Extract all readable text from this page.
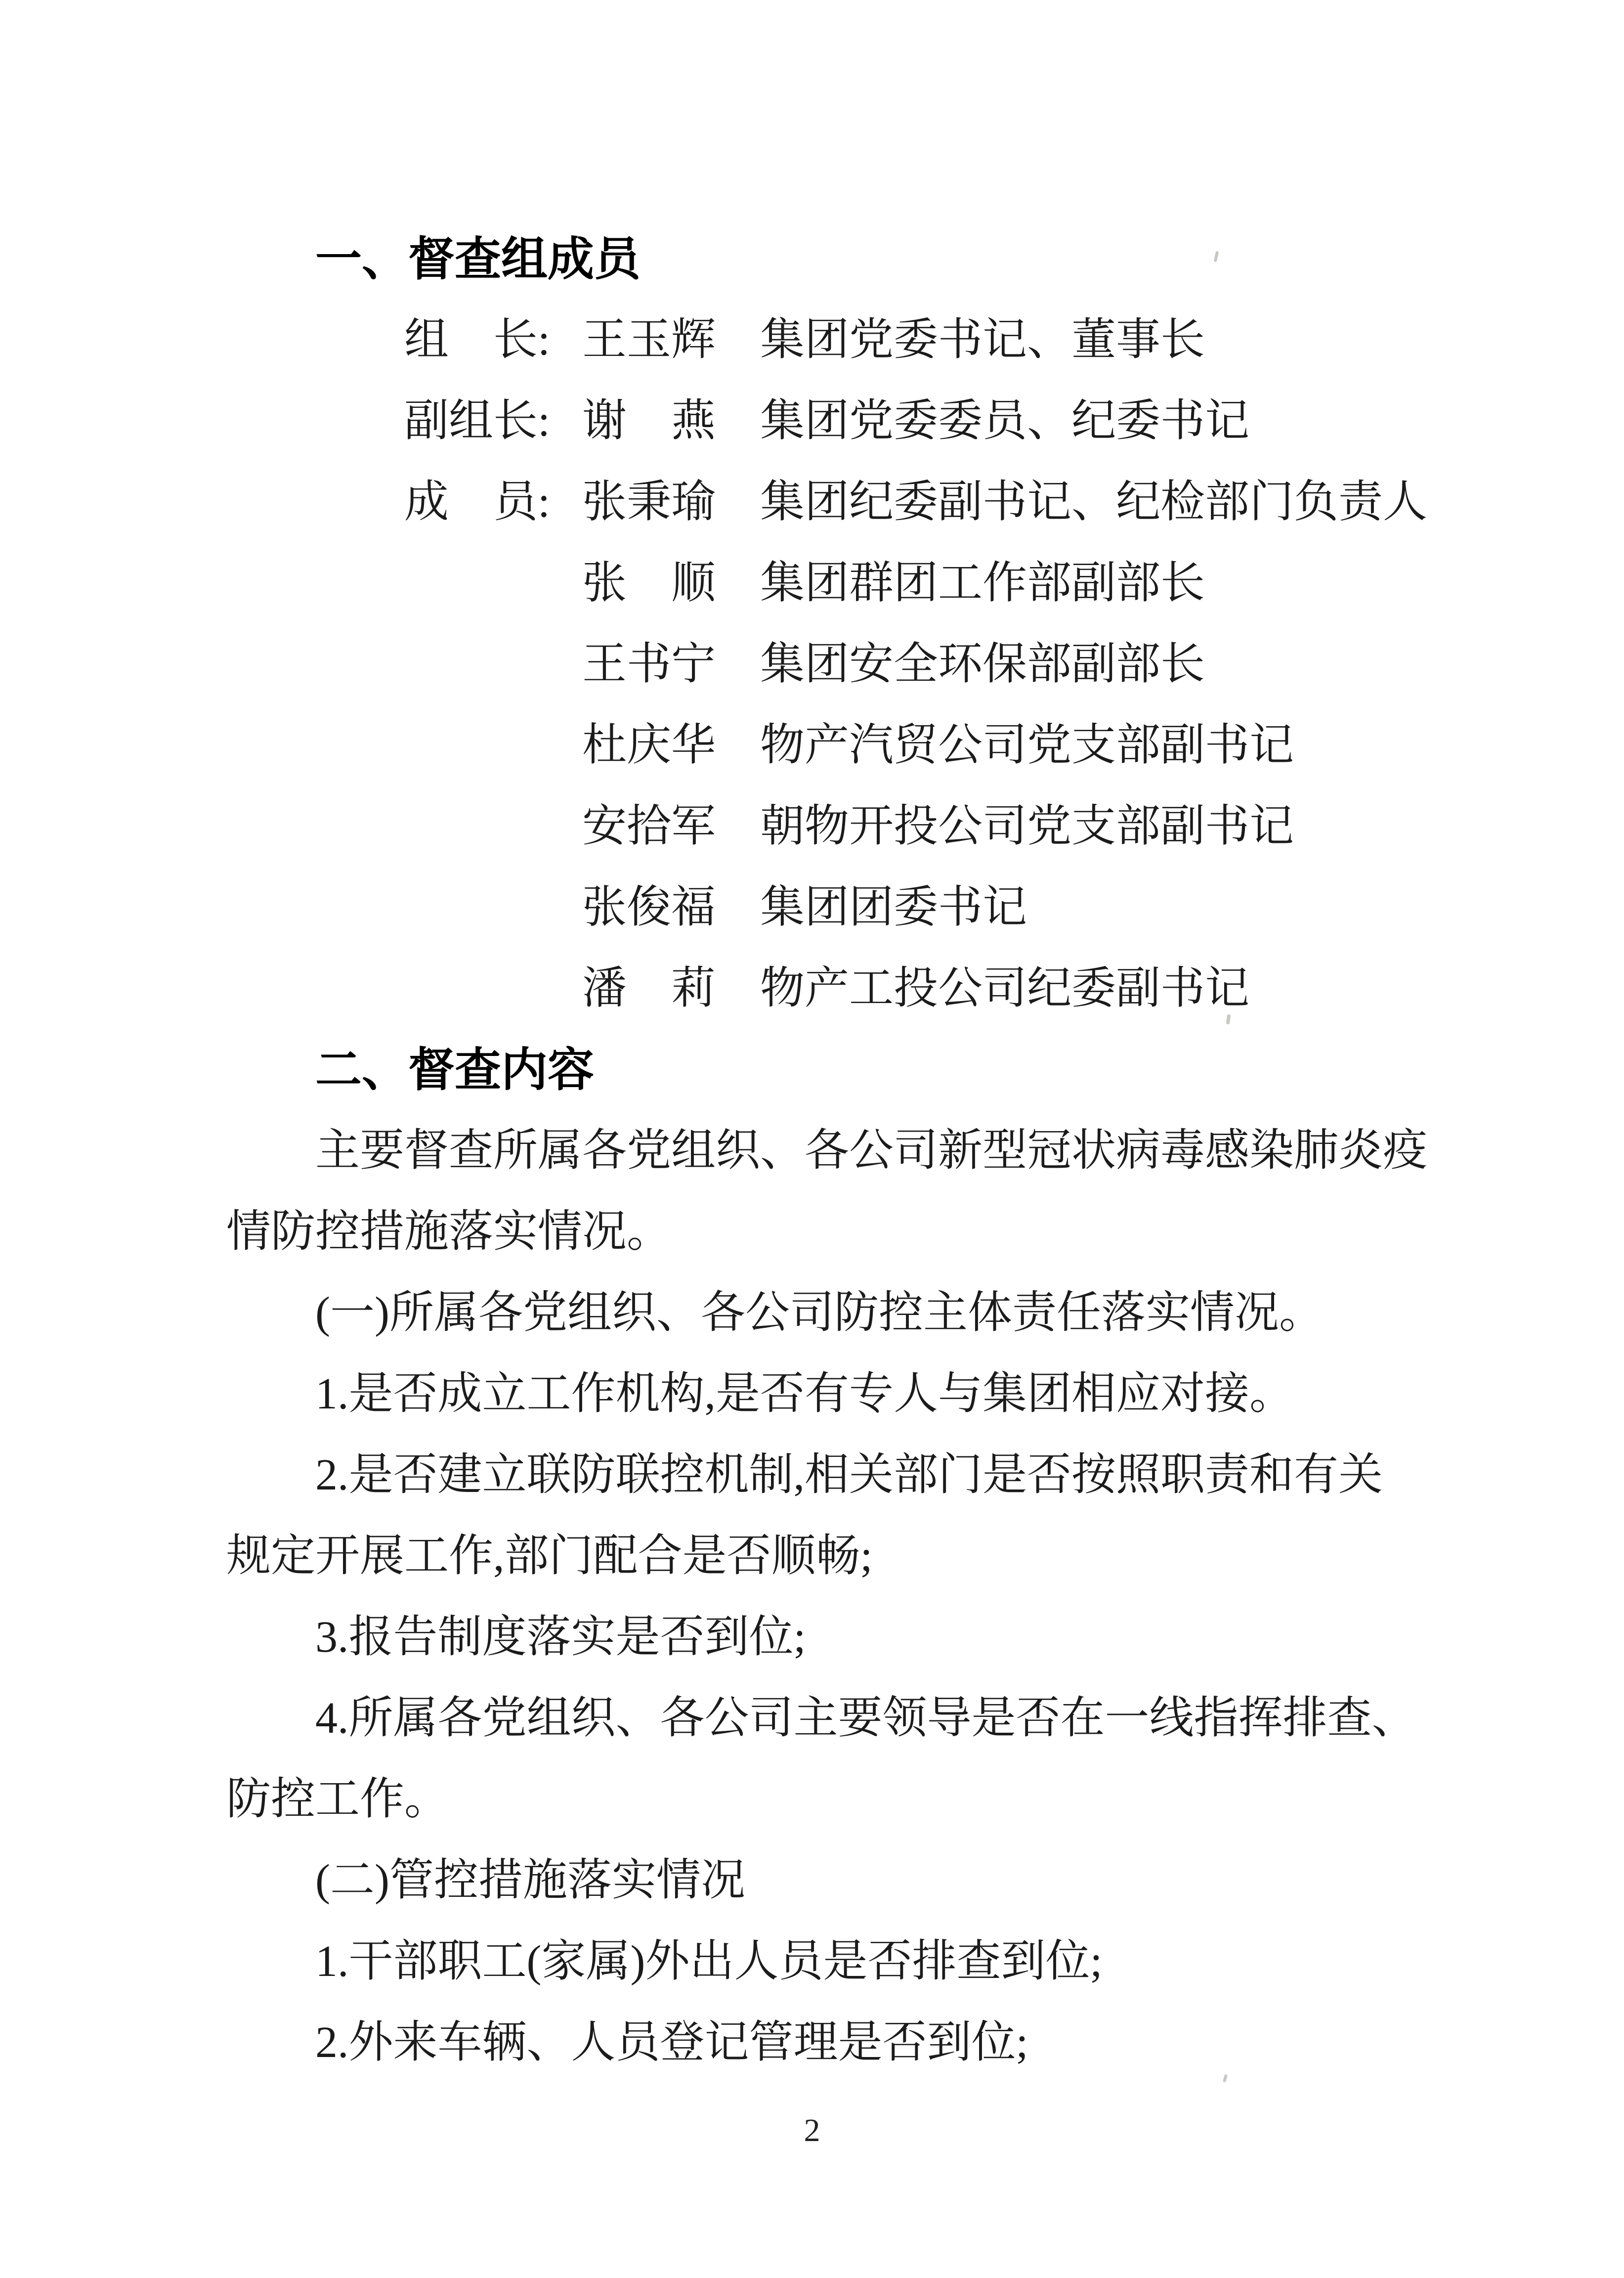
一、督查组成员
组　长: 王玉辉 集团党委书记、董事长
副组长: 谢　燕 集团党委委员、纪委书记
成　员: 张秉瑜 集团纪委副书记、纪检部门负责人
张　顺 集团群团工作部副部长
王书宁 集团安全环保部副部长
杜庆华 物产汽贸公司党支部副书记
安拾军 朝物开投公司党支部副书记
张俊福 集团团委书记
潘　莉 物产工投公司纪委副书记
二、督查内容
主要督查所属各党组织、各公司新型冠状病毒感染肺炎疫
情防控措施落实情况。
(一)所属各党组织、各公司防控主体责任落实情况。
1.是否成立工作机构,是否有专人与集团相应对接。
2.是否建立联防联控机制,相关部门是否按照职责和有关
规定开展工作,部门配合是否顺畅;
3.报告制度落实是否到位;
4.所属各党组织、各公司主要领导是否在一线指挥排查、
防控工作。
(二)管控措施落实情况
1.干部职工(家属)外出人员是否排查到位;
2.外来车辆、人员登记管理是否到位;
2
